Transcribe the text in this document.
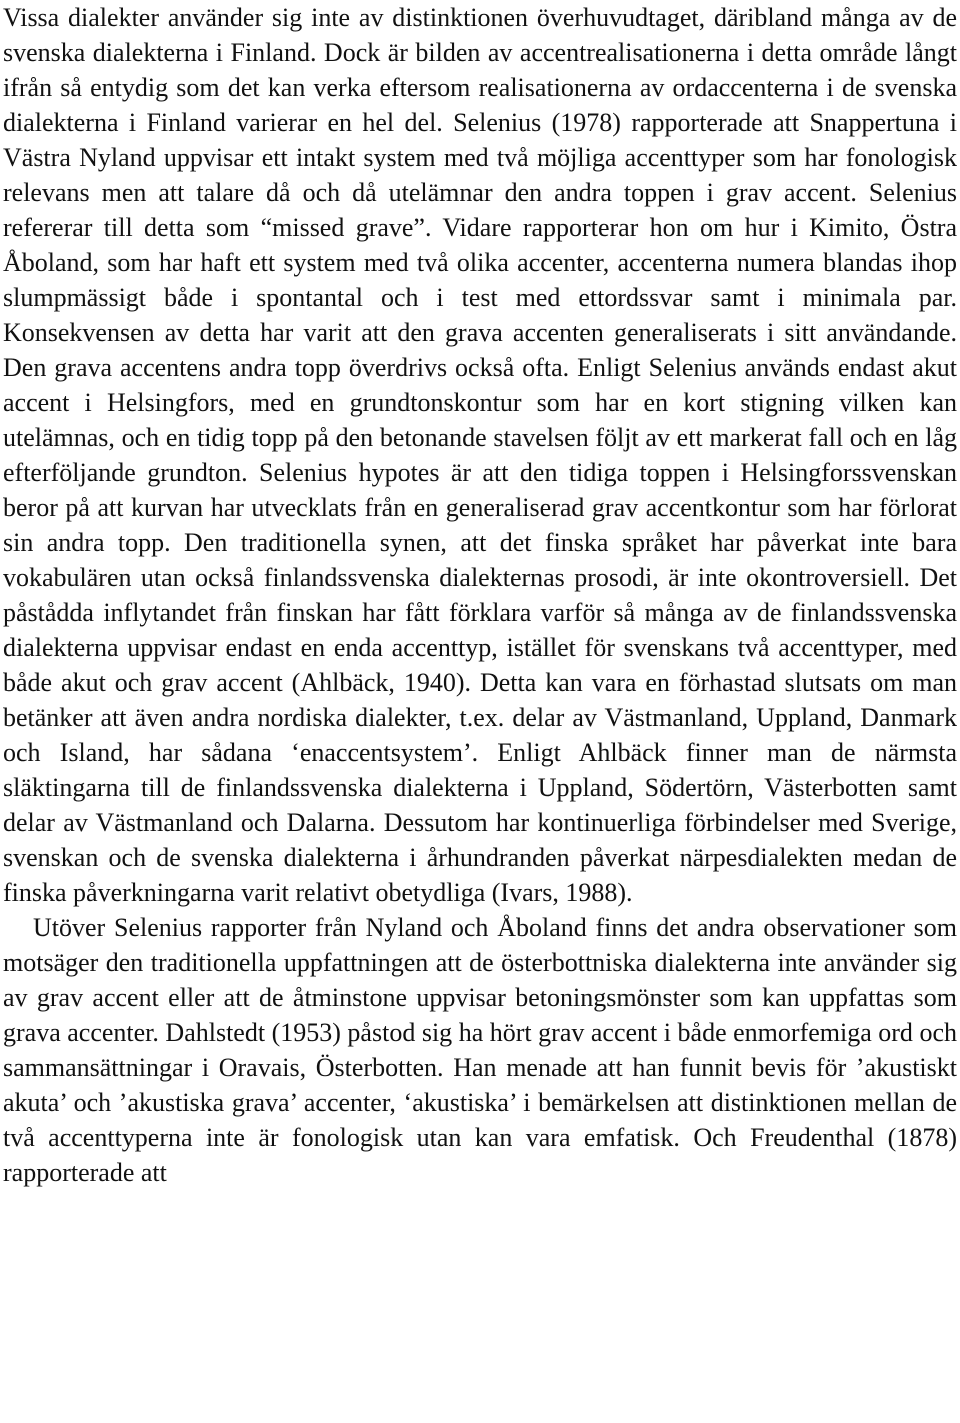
Vissa dialekter använder sig inte av distinktionen överhuvudtaget, däribland många av de svenska dialekterna i Finland. Dock är bilden av accentrealisationerna i detta område långt ifrån så entydig som det kan verka eftersom realisationerna av ordaccenterna i de svenska dialekterna i Finland varierar en hel del. Selenius (1978) rapporterade att Snappertuna i Västra Nyland uppvisar ett intakt system med två möjliga accenttyper som har fonologisk relevans men att talare då och då utelämnar den andra toppen i grav accent. Selenius refererar till detta som “missed grave”. Vidare rapporterar hon om hur i Kimito, Östra Åboland, som har haft ett system med två olika accenter, accenterna numera blandas ihop slumpmässigt både i spontantal och i test med ettordssvar samt i minimala par. Konsekvensen av detta har varit att den grava accenten generaliserats i sitt användande. Den grava accentens andra topp överdrivs också ofta. Enligt Selenius används endast akut accent i Helsingfors, med en grundtonskontur som har en kort stigning vilken kan utelämnas, och en tidig topp på den betonande stavelsen följt av ett markerat fall och en låg efterföljande grundton. Selenius hypotes är att den tidiga toppen i Helsingforssvenskan beror på att kurvan har utvecklats från en generaliserad grav accentkontur som har förlorat sin andra topp. Den traditionella synen, att det finska språket har påverkat inte bara vokabulären utan också finlandssvenska dialekternas prosodi, är inte okontroversiell. Det påstådda inflytandet från finskan har fått förklara varför så många av de finlandssvenska dialekterna uppvisar endast en enda accenttyp, istället för svenskans två accenttyper, med både akut och grav accent (Ahlbäck, 1940). Detta kan vara en förhastad slutsats om man betänker att även andra nordiska dialekter, t.ex. delar av Västmanland, Uppland, Danmark och Island, har sådana ‘enaccentsystem’. Enligt Ahlbäck finner man de närmsta släktingarna till de finlandssvenska dialekterna i Uppland, Södertörn, Västerbotten samt delar av Västmanland och Dalarna. Dessutom har kontinuerliga förbindelser med Sverige, svenskan och de svenska dialekterna i århundranden påverkat närpesdialekten medan de finska påverkningarna varit relativt obetydliga (Ivars, 1988).

Utöver Selenius rapporter från Nyland och Åboland finns det andra observationer som motsäger den traditionella uppfattningen att de österbottniska dialekterna inte använder sig av grav accent eller att de åtminstone uppvisar betoningsmönster som kan uppfattas som grava accenter. Dahlstedt (1953) påstod sig ha hört grav accent i både enmorfemiga ord och sammansättningar i Oravais, Österbotten. Han menade att han funnit bevis för ’akustiskt akuta’ och ’akustiska grava’ accenter, ‘akustiska’ i bemärkelsen att distinktionen mellan de två accenttyperna inte är fonologisk utan kan vara emfatisk. Och Freudenthal (1878) rapporterade att
